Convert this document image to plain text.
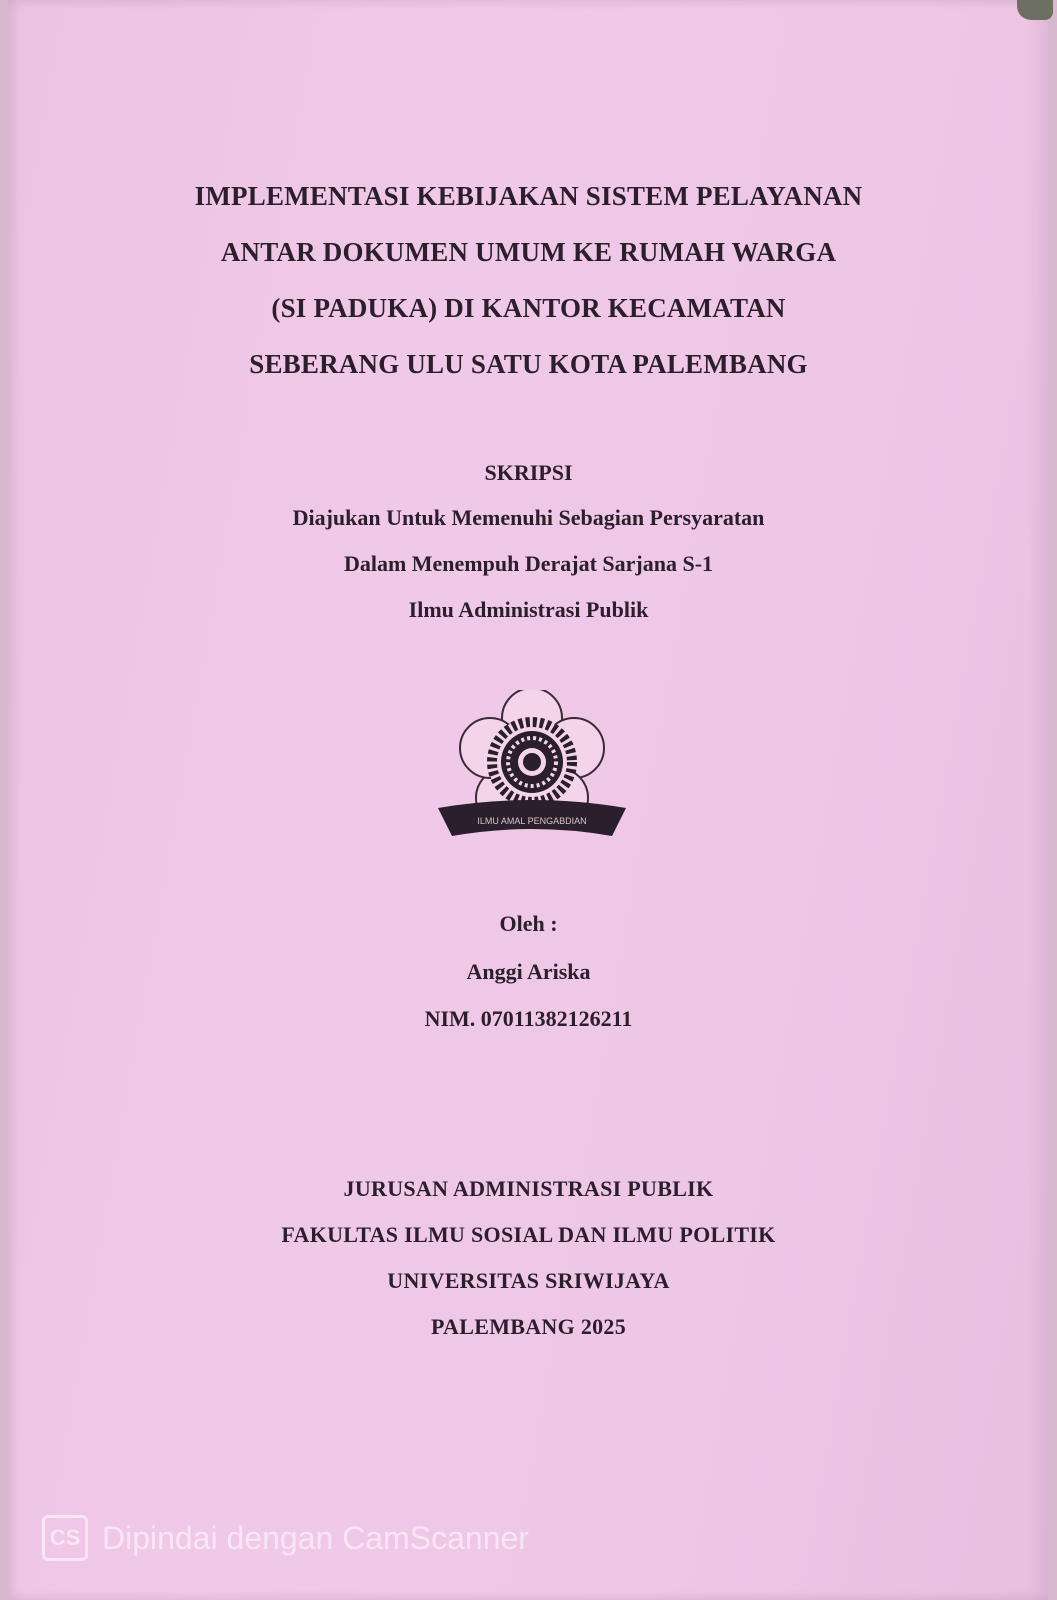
IMPLEMENTASI KEBIJAKAN SISTEM PELAYANAN
ANTAR DOKUMEN UMUM KE RUMAH WARGA
(SI PADUKA) DI KANTOR KECAMATAN
SEBERANG ULU SATU KOTA PALEMBANG
SKRIPSI
Diajukan Untuk Memenuhi Sebagian Persyaratan
Dalam Menempuh Derajat Sarjana S-1
Ilmu Administrasi Publik
ILMU AMAL PENGABDIAN
Oleh :
Anggi Ariska
NIM. 07011382126211
JURUSAN ADMINISTRASI PUBLIK
FAKULTAS ILMU SOSIAL DAN ILMU POLITIK
UNIVERSITAS SRIWIJAYA
PALEMBANG 2025
CS Dipindai dengan CamScanner
